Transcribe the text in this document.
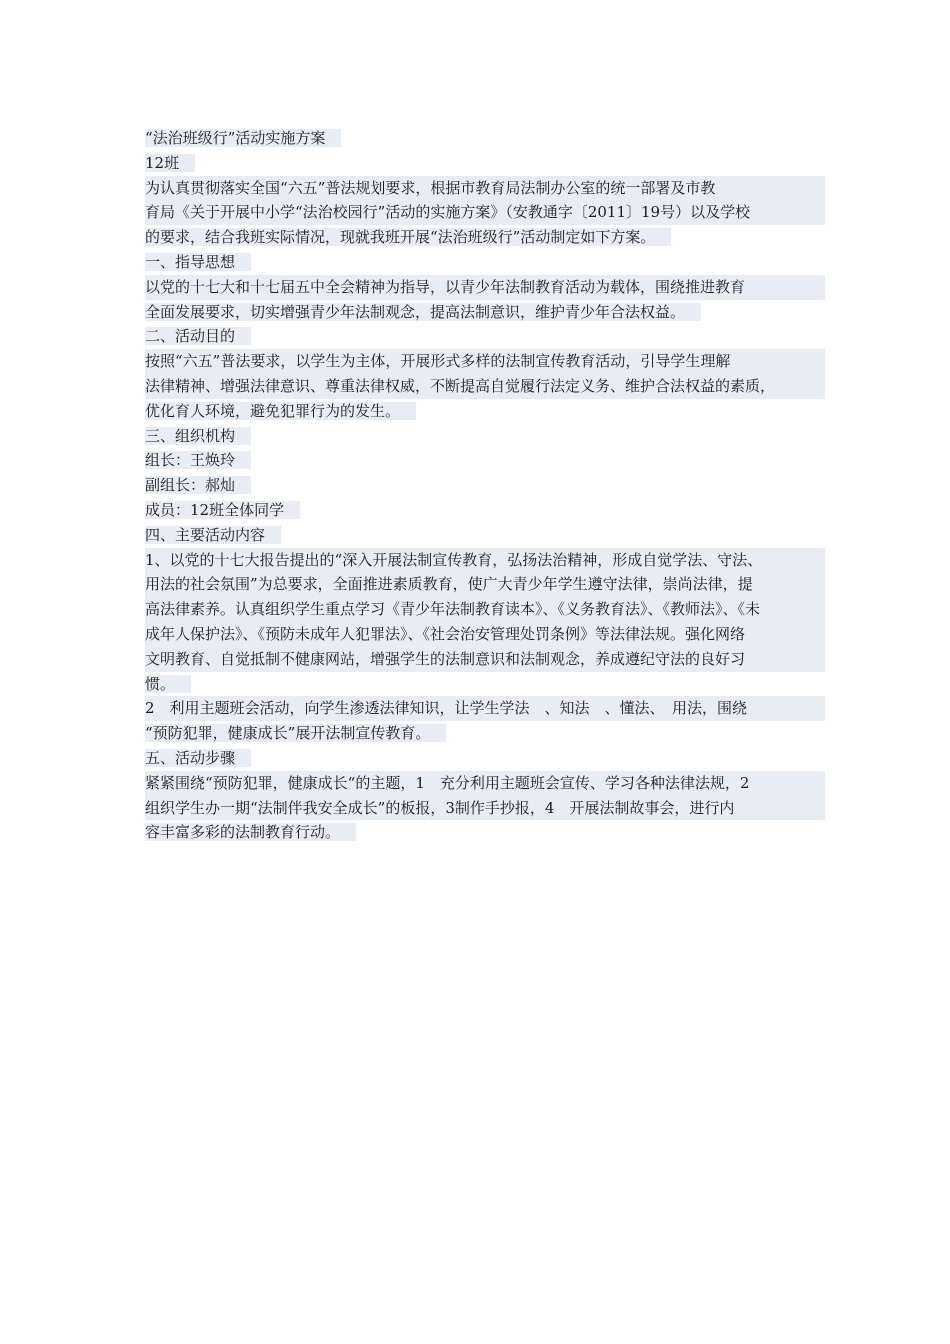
“法治班级行”活动实施方案
12班
为认真贯彻落实全国“六五”普法规划要求，根据市教育局法制办公室的统一部署及市教
育局《关于开展中小学“法治校园行”活动的实施方案》（安教通字〔2011〕19号）以及学校
的要求，结合我班实际情况，现就我班开展“法治班级行”活动制定如下方案。
一、指导思想
以党的十七大和十七届五中全会精神为指导，以青少年法制教育活动为载体，围绕推进教育
全面发展要求，切实增强青少年法制观念，提高法制意识，维护青少年合法权益。
二、活动目的
按照“六五”普法要求，以学生为主体，开展形式多样的法制宣传教育活动，引导学生理解
法律精神、增强法律意识、尊重法律权威，不断提高自觉履行法定义务、维护合法权益的素质，
优化育人环境，避免犯罪行为的发生。
三、组织机构
组长：王焕玲
副组长：郝灿
成员：12班全体同学
四、主要活动内容
1、以党的十七大报告提出的“深入开展法制宣传教育，弘扬法治精神，形成自觉学法、守法、
用法的社会氛围”为总要求，全面推进素质教育，使广大青少年学生遵守法律，崇尚法律，提
高法律素养。认真组织学生重点学习《青少年法制教育读本》、《义务教育法》、《教师法》、《未
成年人保护法》、《预防未成年人犯罪法》、《社会治安管理处罚条例》等法律法规。强化网络
文明教育、自觉抵制不健康网站，增强学生的法制意识和法制观念，养成遵纪守法的良好习
惯。
2　利用主题班会活动，向学生渗透法律知识，让学生学法　、知法　、懂法、　用法，围绕
“预防犯罪，健康成长”展开法制宣传教育。
五、活动步骤
紧紧围绕“预防犯罪，健康成长“的主题，1　充分利用主题班会宣传、学习各种法律法规，2
组织学生办一期“法制伴我安全成长”的板报，3制作手抄报，4　开展法制故事会，进行内
容丰富多彩的法制教育行动。
